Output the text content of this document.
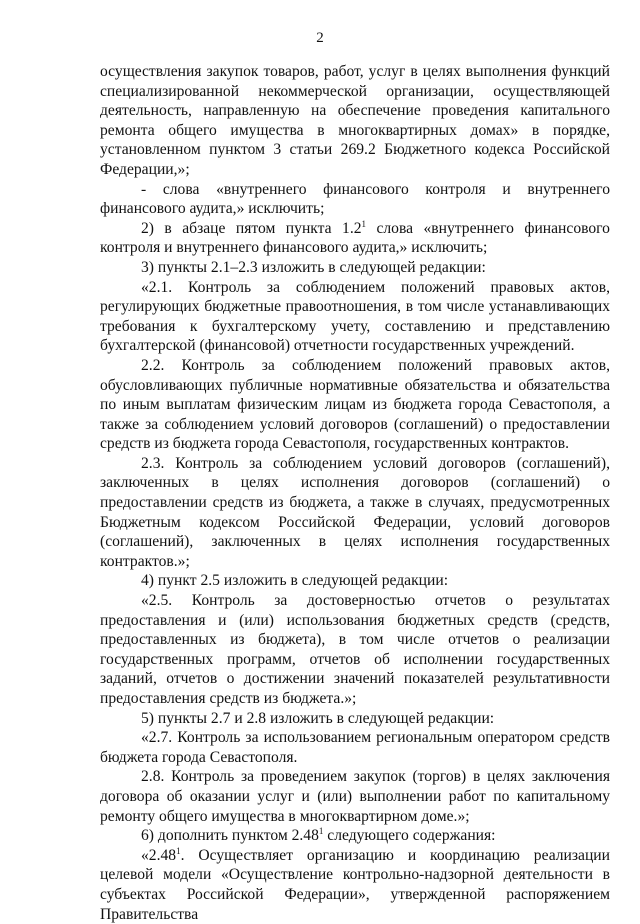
2

осуществления закупок товаров, работ, услуг в целях выполнения функций специализированной некоммерческой организации, осуществляющей деятельность, направленную на обеспечение проведения капитального ремонта общего имущества в многоквартирных домах» в порядке, установленном пунктом 3 статьи 269.2 Бюджетного кодекса Российской Федерации,»;

- слова «внутреннего финансового контроля и внутреннего финансового аудита,» исключить;

2) в абзаце пятом пункта $1.2^1$ слова «внутреннего финансового контроля и внутреннего финансового аудита,» исключить;

3) пункты 2.1–2.3 изложить в следующей редакции:

«2.1. Контроль за соблюдением положений правовых актов, регулирующих бюджетные правоотношения, в том числе устанавливающих требования к бухгалтерскому учету, составлению и представлению бухгалтерской (финансовой) отчетности государственных учреждений.

2.2. Контроль за соблюдением положений правовых актов, обусловливающих публичные нормативные обязательства и обязательства по иным выплатам физическим лицам из бюджета города Севастополя, а также за соблюдением условий договоров (соглашений) о предоставлении средств из бюджета города Севастополя, государственных контрактов.

2.3. Контроль за соблюдением условий договоров (соглашений), заключенных в целях исполнения договоров (соглашений) о предоставлении средств из бюджета, а также в случаях, предусмотренных Бюджетным кодексом Российской Федерации, условий договоров (соглашений), заключенных в целях исполнения государственных контрактов.»;

4) пункт 2.5 изложить в следующей редакции:

«2.5. Контроль за достоверностью отчетов о результатах предоставления и (или) использования бюджетных средств (средств, предоставленных из бюджета), в том числе отчетов о реализации государственных программ, отчетов об исполнении государственных заданий, отчетов о достижении значений показателей результативности предоставления средств из бюджета.»;

5) пункты 2.7 и 2.8 изложить в следующей редакции:

«2.7. Контроль за использованием региональным оператором средств бюджета города Севастополя.

2.8. Контроль за проведением закупок (торгов) в целях заключения договора об оказании услуг и (или) выполнении работ по капитальному ремонту общего имущества в многоквартирном доме.»;

6) дополнить пунктом 2.48$^1$ следующего содержания:

«2.48$^1$. Осуществляет организацию и координацию реализации целевой модели «Осуществление контрольно-надзорной деятельности в субъектах Российской Федерации», утвержденной распоряжением Правительства
